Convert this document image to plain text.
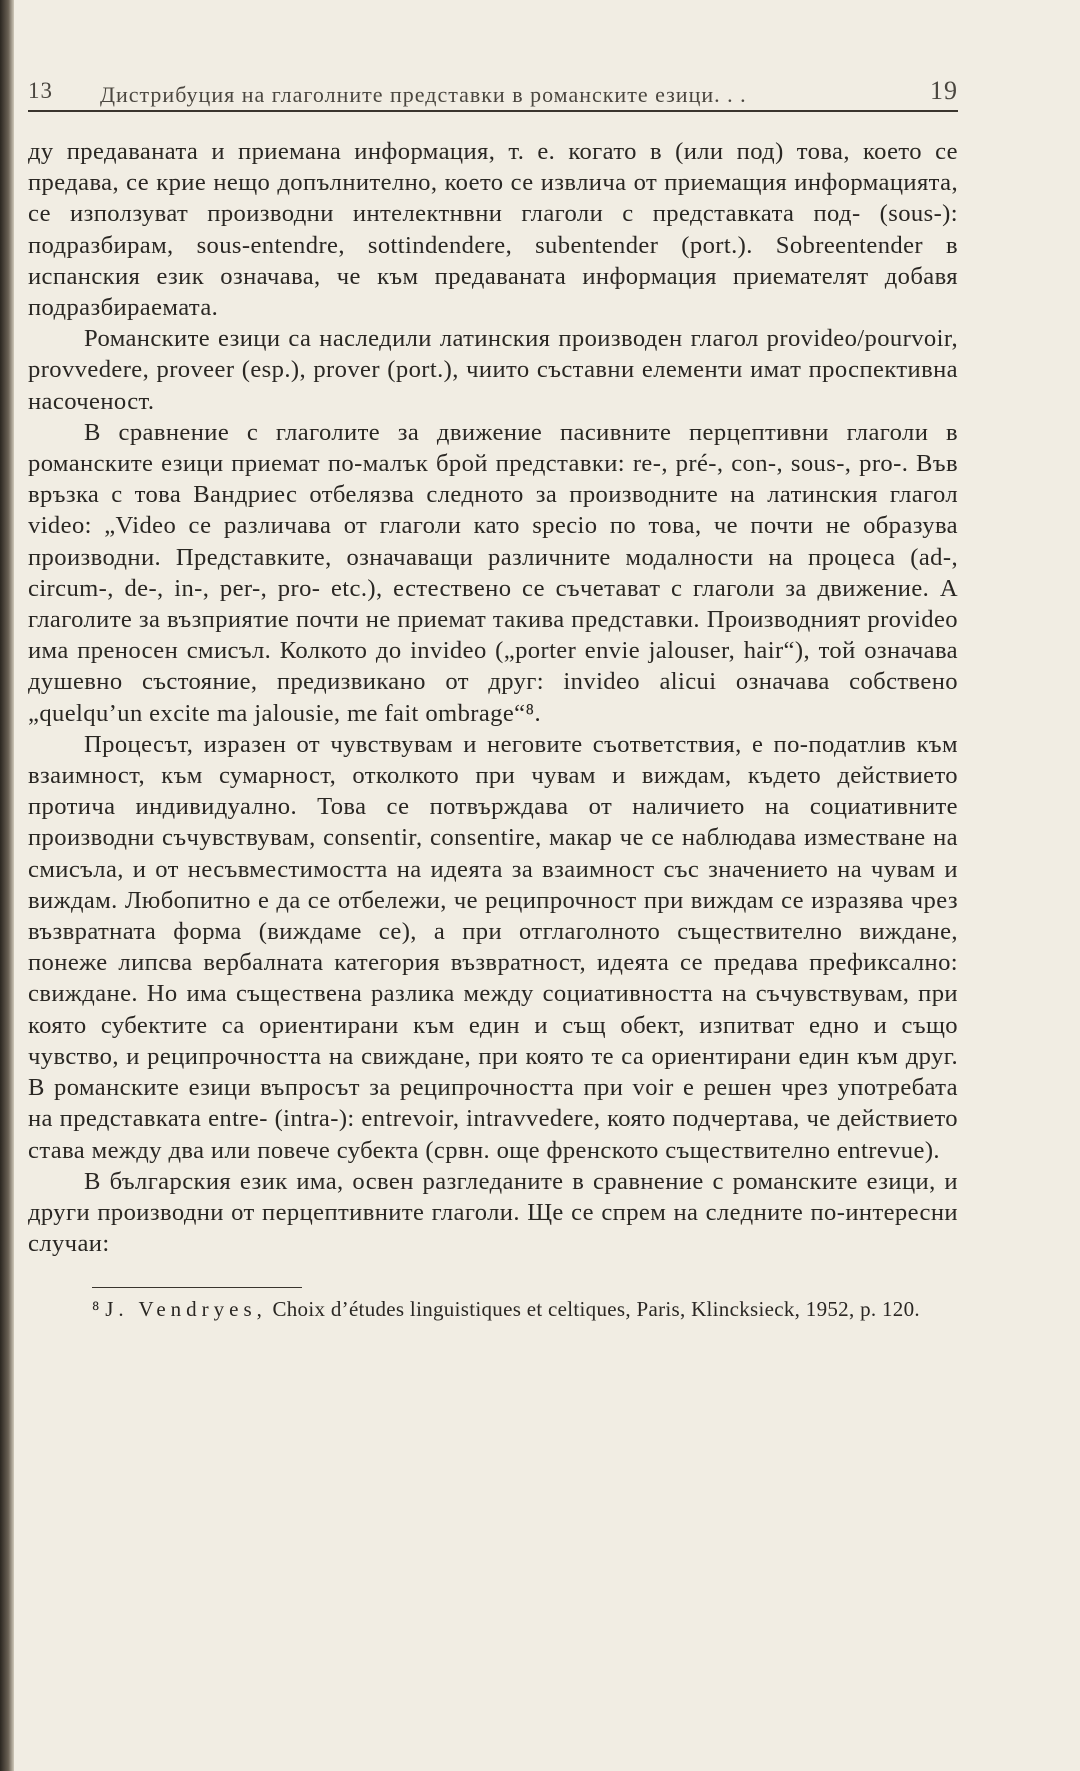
13 Дистрибуция на глаголните представки в романските езици. . .	19

ду предаваната и приемана информация, т. е. когато в (или под) това, което се предава, се крие нещо допълнително, което се извлича от приемащия информацията, се използуват производни интелектнвни глаголи с представката под- (sous-): подразбирам, sous-entendre, sottindendere, subentender (port.). Sobreentender в испанския език означава, че към предаваната информация приемателят добавя подразбираемата.

Романските езици са наследили латинския производен глагол provideo/pourvoir, provvedere, proveer (esp.), prover (port.), чиито съставни елементи имат проспективна насоченост.

В сравнение с глаголите за движение пасивните перцептивни глаголи в романските езици приемат по-малък брой представки: re-, pré-, con-, sous-, pro-. Във връзка с това Вандриес отбелязва следното за производните на латинския глагол video: „Video се различава от глаголи като specio по това, че почти не образува производни. Представките, означаващи различните модалности на процеса (ad-, circum-, de-, in-, per-, pro- etc.), естествено се съчетават с глаголи за движение. А глаголите за възприятие почти не приемат такива представки. Производният provideo има преносен смисъл. Колкото до invideo („porter envie jalouser, hair“), той означава душевно състояние, предизвикано от друг: invideo alicui означава собствено „quelqu’un excite ma jalousie, me fait ombrage“⁸.

Процесът, изразен от чувствувам и неговите съответствия, е по-податлив към взаимност, към сумарност, отколкото при чувам и виждам, където действието протича индивидуално. Това се потвърждава от наличието на социативните производни съчувствувам, consentir, consentire, макар че се наблюдава изместване на смисъла, и от несъвместимостта на идеята за взаимност със значението на чувам и виждам. Любопитно е да се отбележи, че реципрочност при виждам се изразява чрез възвратната форма (виждаме се), а при отглаголното съществително виждане, понеже липсва вербалната категория възвратност, идеята се предава префиксално: свиждане. Но има съществена разлика между социативността на съчувствувам, при която субектите са ориентирани към един и същ обект, изпитват едно и също чувство, и реципрочността на свиждане, при която те са ориентирани един към друг. В романските езици въпросът за реципрочността при voir е решен чрез употребата на представката entre- (intra-): entrevoir, intravvedere, която подчертава, че действието става между два или повече субекта (срвн. още френското съществително entrevue).

В българския език има, освен разгледаните в сравнение с романските езици, и други производни от перцептивните глаголи. Ще се спрем на следните по-интересни случаи:

⁸ J. Vendryes, Choix d’études linguistiques et celtiques, Paris, Klincksieck, 1952, p. 120.
